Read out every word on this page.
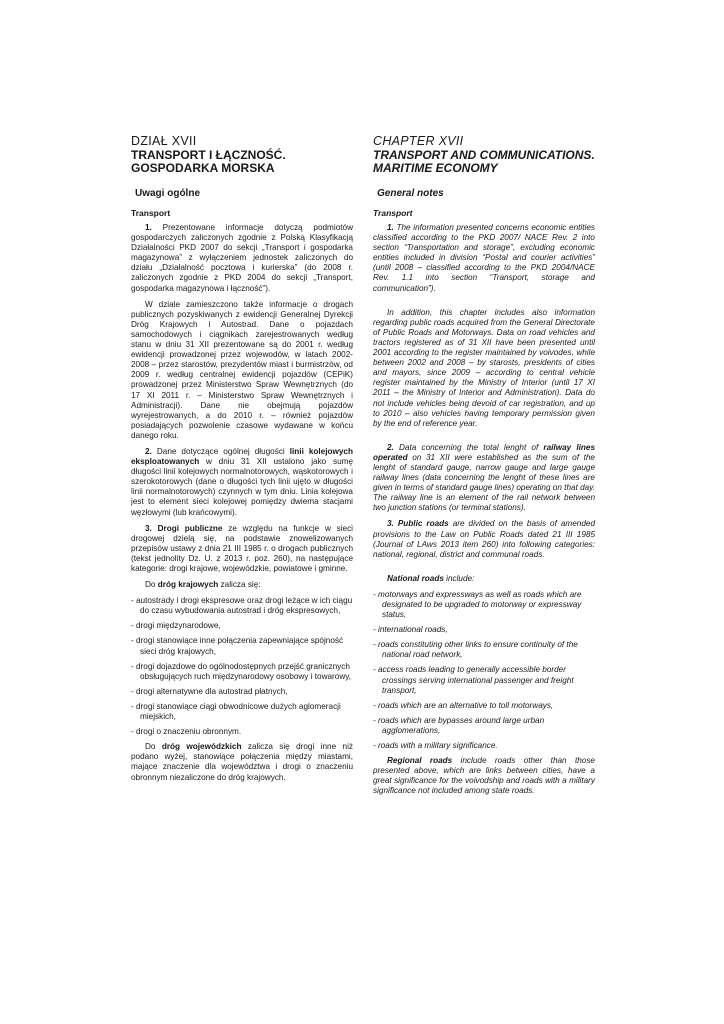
DZIAŁ XVII
TRANSPORT I ŁĄCZNOŚĆ.
GOSPODARKA MORSKA
Uwagi ogólne
Transport

1. Prezentowane informacje dotyczą podmiotów gospodarczych zaliczonych zgodnie z Polską Klasyfikacją Działalności PKD 2007 do sekcji „Transport i gospodarka magazynowa” z wyłączeniem jednostek zaliczonych do działu „Działalność pocztowa i kurierska” (do 2008 r. zaliczonych zgodnie z PKD 2004 do sekcji „Transport, gospodarka magazynowa i łączność”).

W dziale zamieszczono także informacje o drogach publicznych pozyskiwanych z ewidencji Generalnej Dyrekcji Dróg Krajowych i Autostrad. Dane o pojazdach samochodowych i ciągnikach zarejestrowanych według stanu w dniu 31 XII prezentowane są do 2001 r. według ewidencji prowadzonej przez wojewodów, w latach 2002-2008 – przez starostów, prezydentów miast i burmistrzów, od 2009 r. według centralnej ewidencji pojazdów (CEPiK) prowadzonej przez Ministerstwo Spraw Wewnętrznych (do 17 XI 2011 r. – Ministerstwo Spraw Wewnętrznych i Administracji). Dane nie obejmują pojazdów wyrejestrowanych, a do 2010 r. – również pojazdów posiadających pozwolenie czasowe wydawane w końcu danego roku.

2. Dane dotyczące ogólnej długości linii kolejowych eksploatowanych w dniu 31 XII ustalono jako sumę długości linii kolejowych normalnotorowych, wąskotorowych i szerokotorowych (dane o długości tych linii ujęto w długości linii normalnotorowych) czynnych w tym dniu. Linia kolejowa jest to element sieci kolejowej pomiędzy dwiema stacjami węzłowymi (lub krańcowymi).

3. Drogi publiczne ze względu na funkcje w sieci drogowej dzielą się, na podstawie znowelizowanych przepisów ustawy z dnia 21 III 1985 r. o drogach publicznych (tekst jednolity Dz. U. z 2013 r. poz. 260), na następujące kategorie: drogi krajowe, wojewódzkie, powiatowe i gminne.

Do dróg krajowych zalicza się:

- autostrady i drogi ekspresowe oraz drogi leżące w ich ciągu do czasu wybudowania autostrad i dróg ekspresowych,
- drogi międzynarodowe,
- drogi stanowiące inne połączenia zapewniające spójność sieci dróg krajowych,
- drogi dojazdowe do ogólnodostępnych przejść granicznych obsługujących ruch międzynarodowy osobowy i towarowy,
- drogi alternatywne dla autostrad płatnych,
- drogi stanowiące ciągi obwodnicowe dużych aglomeracji miejskich,
- drogi o znaczeniu obronnym.

Do dróg wojewódzkich zalicza się drogi inne niż podano wyżej, stanowiące połączenia między miastami, mające znaczenie dla województwa i drogi o znaczeniu obronnym niezaliczone do dróg krajowych.

CHAPTER XVII
TRANSPORT AND COMMUNICATIONS.
MARITIME ECONOMY
General notes
Transport

1. The information presented concerns economic entities classified according to the PKD 2007/ NACE Rev. 2 into section “Transportation and storage”, excluding economic entities included in division “Postal and courier activities” (until 2008 – classified according to the PKD 2004/NACE Rev. 1.1 into section “Transport, storage and communication”).

In addition, this chapter includes also information regarding public roads acquired from the General Directorate of Public Roads and Motorways. Data on road vehicles and tractors registered as of 31 XII have been presented until 2001 according to the register maintained by voivodes, while between 2002 and 2008 – by starosts, presidents of cities and mayors, since 2009 – according to central vehicle register maintained by the Ministry of Interior (until 17 XI 2011 – the Ministry of Interior and Administration). Data do not include vehicles being devoid of car registration, and up to 2010 – also vehicles having temporary permission given by the end of reference year.

2. Data concerning the total lenght of railway lines operated on 31 XII were established as the sum of the lenght of standard gauge, narrow gauge and large gauge railway lines (data concerning the lenght of these lines are given in terms of standard gauge lines) operating on that day. The railway line is an element of the rail network between two junction stations (or terminal stations).

3. Public roads are divided on the basis of amended provisions to the Law on Public Roads dated 21 III 1985 (Journal of LAws 2013 item 260) into following categories: national, regional, district and communal roads.

National roads include:

- motorways and expressways as well as roads which are designated to be upgraded to motorway or expressway status,
- international roads,
- roads constituting other links to ensure continuity of the national road network,
- access roads leading to generally accessible border crossings serving international passenger and freight transport,
- roads which are an alternative to toll motorways,
- roads which are bypasses around large urban agglomerations,
- roads with a military significance.

Regional roads include roads other than those presented above, which are links between cities, have a great significance for the voivodship and roads with a military significance not included among state roads.
